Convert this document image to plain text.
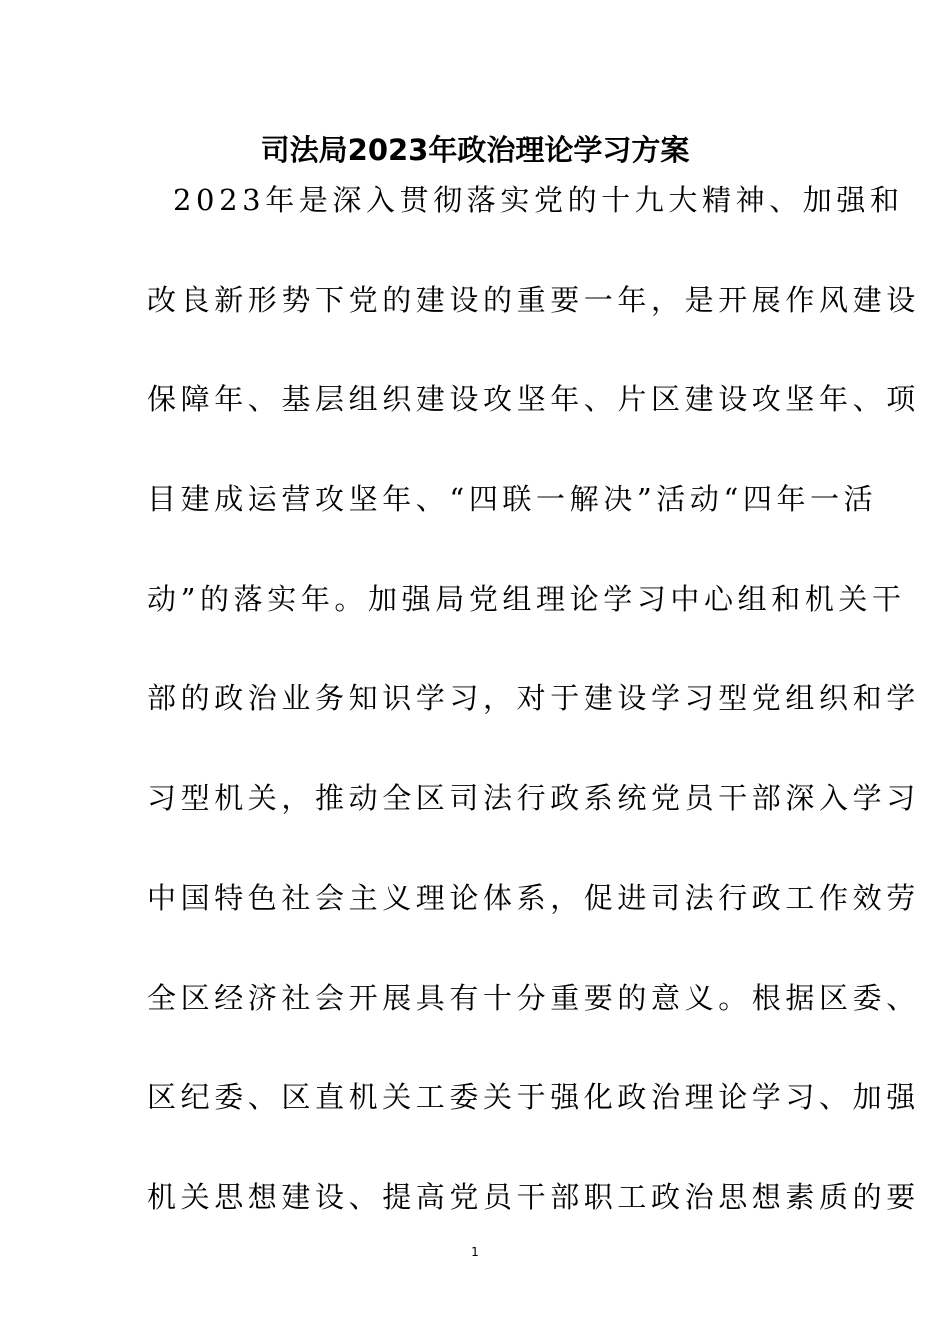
司法局2023年政治理论学习方案
2023年是深入贯彻落实党的十九大精神、加强和
改良新形势下党的建设的重要一年，是开展作风建设
保障年、基层组织建设攻坚年、片区建设攻坚年、项
目建成运营攻坚年、“四联一解决”活动“四年一活
动”的落实年。加强局党组理论学习中心组和机关干
部的政治业务知识学习，对于建设学习型党组织和学
习型机关，推动全区司法行政系统党员干部深入学习
中国特色社会主义理论体系，促进司法行政工作效劳
全区经济社会开展具有十分重要的意义。根据区委、
区纪委、区直机关工委关于强化政治理论学习、加强
机关思想建设、提高党员干部职工政治思想素质的要
1
